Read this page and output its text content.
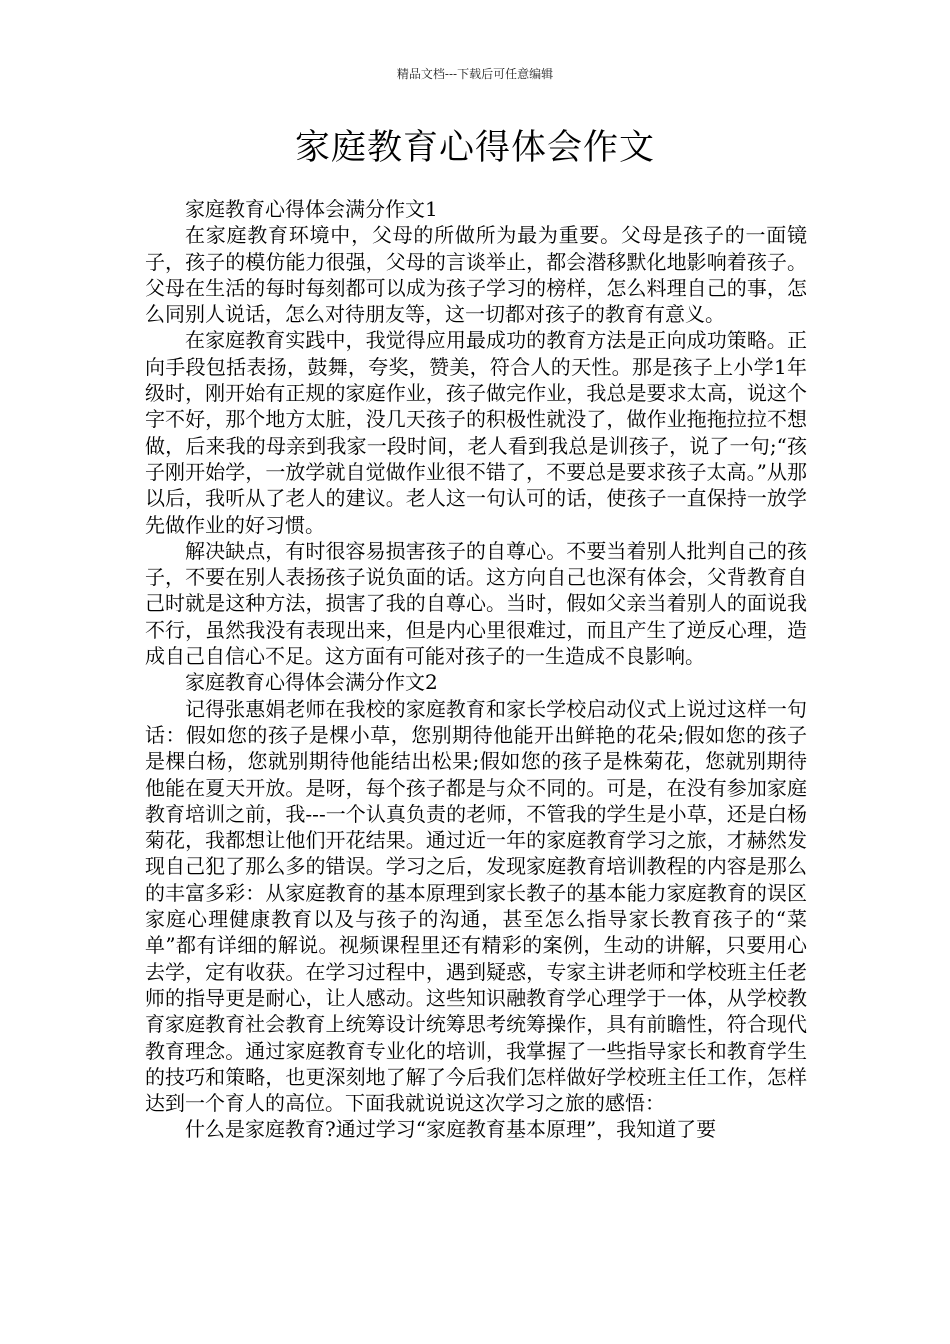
精品文档---下载后可任意编辑
家庭教育心得体会作文

家庭教育心得体会满分作文1

在家庭教育环境中，父母的所做所为最为重要。父母是孩子的一面镜子，孩子的模仿能力很强，父母的言谈举止，都会潜移默化地影响着孩子。父母在生活的每时每刻都可以成为孩子学习的榜样，怎么料理自己的事，怎么同别人说话，怎么对待朋友等，这一切都对孩子的教育有意义。

在家庭教育实践中，我觉得应用最成功的教育方法是正向成功策略。正向手段包括表扬，鼓舞，夸奖，赞美，符合人的天性。那是孩子上小学1年级时，刚开始有正规的家庭作业，孩子做完作业，我总是要求太高，说这个字不好，那个地方太脏，没几天孩子的积极性就没了，做作业拖拖拉拉不想做，后来我的母亲到我家一段时间，老人看到我总是训孩子，说了一句;“孩子刚开始学，一放学就自觉做作业很不错了，不要总是要求孩子太高。”从那以后，我听从了老人的建议。老人这一句认可的话，使孩子一直保持一放学先做作业的好习惯。

解决缺点，有时很容易损害孩子的自尊心。不要当着别人批判自己的孩子，不要在别人表扬孩子说负面的话。这方向自己也深有体会，父背教育自己时就是这种方法，损害了我的自尊心。当时，假如父亲当着别人的面说我不行，虽然我没有表现出来，但是内心里很难过，而且产生了逆反心理，造成自己自信心不足。这方面有可能对孩子的一生造成不良影响。

家庭教育心得体会满分作文2

记得张惠娟老师在我校的家庭教育和家长学校启动仪式上说过这样一句话：假如您的孩子是棵小草，您别期待他能开出鲜艳的花朵;假如您的孩子是棵白杨，您就别期待他能结出松果;假如您的孩子是株菊花，您就别期待他能在夏天开放。是呀，每个孩子都是与众不同的。可是，在没有参加家庭教育培训之前，我---一个认真负责的老师，不管我的学生是小草，还是白杨菊花，我都想让他们开花结果。通过近一年的家庭教育学习之旅，才赫然发现自己犯了那么多的错误。学习之后，发现家庭教育培训教程的内容是那么的丰富多彩：从家庭教育的基本原理到家长教子的基本能力家庭教育的误区家庭心理健康教育以及与孩子的沟通，甚至怎么指导家长教育孩子的“菜单”都有详细的解说。视频课程里还有精彩的案例，生动的讲解，只要用心去学，定有收获。在学习过程中，遇到疑惑，专家主讲老师和学校班主任老师的指导更是耐心，让人感动。这些知识融教育学心理学于一体，从学校教育家庭教育社会教育上统筹设计统筹思考统筹操作，具有前瞻性，符合现代教育理念。通过家庭教育专业化的培训，我掌握了一些指导家长和教育学生的技巧和策略，也更深刻地了解了今后我们怎样做好学校班主任工作，怎样达到一个育人的高位。下面我就说说这次学习之旅的感悟：

什么是家庭教育?通过学习“家庭教育基本原理”，我知道了要
